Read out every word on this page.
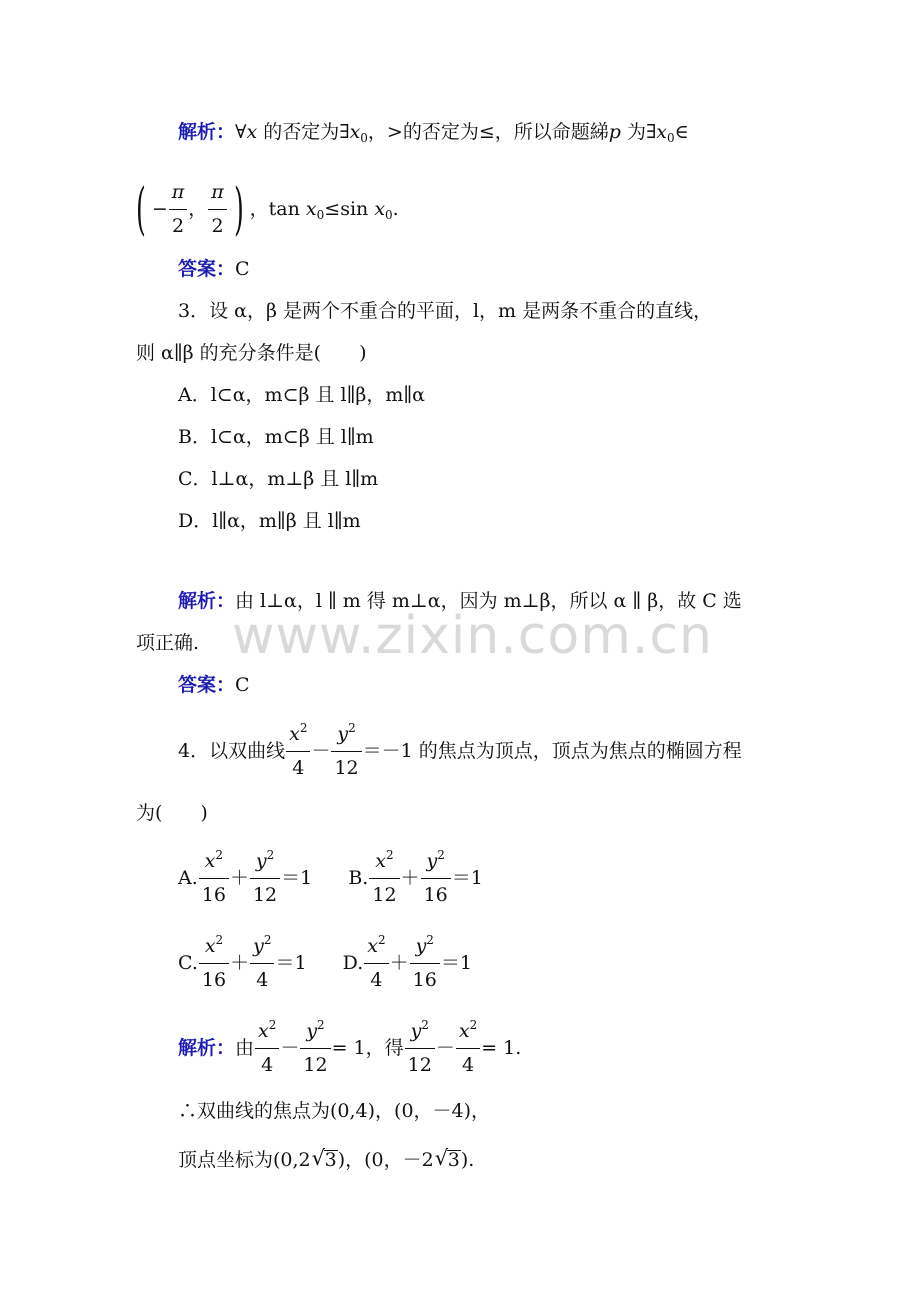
www.zixin.com.cn
解析：∀x 的否定为$\exists x_0$，>的否定为≤，所以命题綈p 为$\exists x_0\in$
( − $\frac{\pi}{2}$ ， $\frac{\pi}{2}$ ) ，$\tan x_0\le\sin$ $x_0$.
答案：C
3．设 α，β 是两个不重合的平面，l，m 是两条不重合的直线，
则 α∥β 的充分条件是(　　)
A．l⊂α，m⊂β 且 l∥β，m∥α
B．l⊂α，m⊂β 且 l∥m
C．l⊥α，m⊥β 且 l∥m
D．l∥α，m∥β 且 l∥m
解析：由 l⊥α，l ∥ m 得 m⊥α，因为 m⊥β，所以 α ∥ β，故 C 选
项正确.
答案：C
4．以双曲线 $\frac{x^2}{4} - \frac{y^2}{12} =-1$ 的焦点为顶点，顶点为焦点的椭圆方程
为(　　)
A. $\frac{x^2}{16} + \frac{y^2}{12} =1$ B. $\frac{x^2}{12} + \frac{y^2}{16} =1$
C. $\frac{x^2}{16} + \frac{y^2}{4} =1$ D. $\frac{x^2}{4} + \frac{y^2}{16} =1$
解析：由 $\frac{x^2}{4} - \frac{y^2}{12} = 1$，得 $\frac{y^2}{12} - \frac{x^2}{4} = 1$.
∴双曲线的焦点为(0,4)，(0，－4)，
顶点坐标为(0,2 √ 3)，(0，－2 √ 3).
